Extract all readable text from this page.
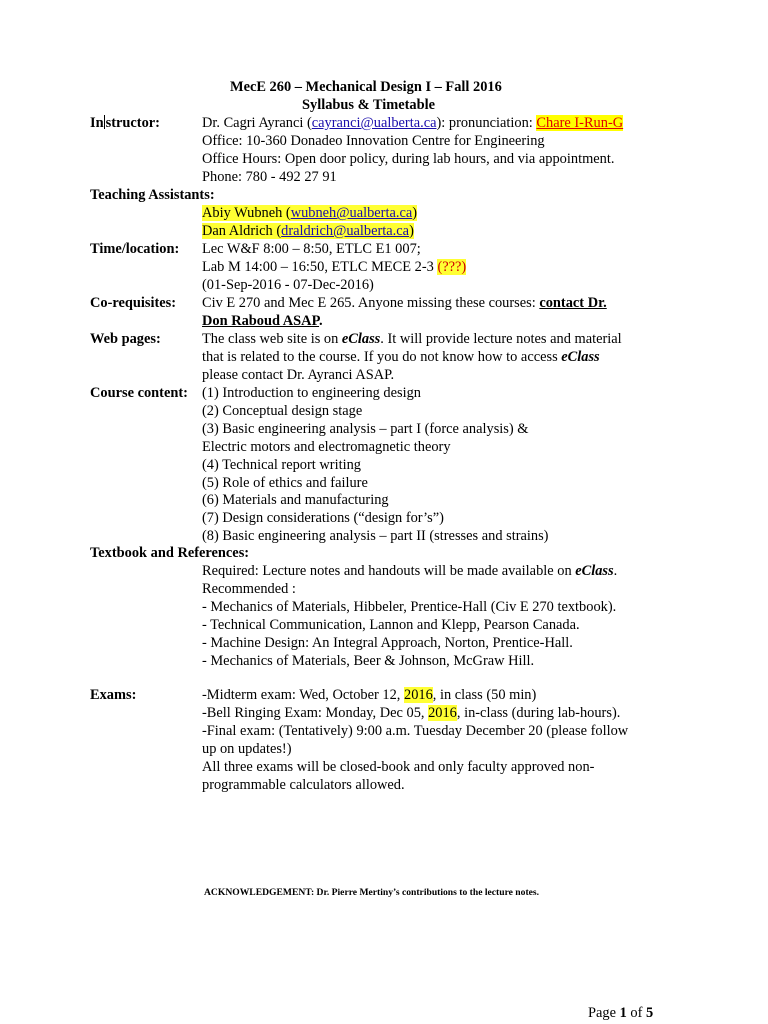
MecE 260 – Mechanical Design I – Fall 2016
Syllabus & Timetable
In structor:	Dr. Cagri Ayranci (cayranci@ualberta.ca): pronunciation: Chare I-Run-G
Office: 10-360 Donadeo Innovation Centre for Engineering
Office Hours: Open door policy, during lab hours, and via appointment.
Phone: 780 - 492 27 91
Teaching Assistants:
Abiy Wubneh (wubneh@ualberta.ca)
Dan Aldrich (draldrich@ualberta.ca)
Time/location: Lec W&F 8:00 – 8:50, ETLC E1 007;
Lab M 14:00 – 16:50, ETLC MECE 2-3 (???)
(01-Sep-2016 - 07-Dec-2016)
Co-requisites: Civ E 270 and Mec E 265. Anyone missing these courses: contact Dr.
Don Raboud ASAP.
Web pages:	The class web site is on eClass. It will provide lecture notes and material
that is related to the course. If you do not know how to access eClass
please contact Dr. Ayranci ASAP.
Course content: (1) Introduction to engineering design
(2) Conceptual design stage
(3) Basic engineering analysis – part I (force analysis) &
Electric motors and electromagnetic theory
(4) Technical report writing
(5) Role of ethics and failure
(6) Materials and manufacturing
(7) Design considerations (“design for’s”)
(8) Basic engineering analysis – part II (stresses and strains)
Textbook and References:
Required: Lecture notes and handouts will be made available on eClass.
Recommended :
- Mechanics of Materials, Hibbeler, Prentice-Hall (Civ E 270 textbook).
- Technical Communication, Lannon and Klepp, Pearson Canada.
- Machine Design: An Integral Approach, Norton, Prentice-Hall.
- Mechanics of Materials, Beer & Johnson, McGraw Hill.
Exams:	-Midterm exam: Wed, October 12, 2016, in class (50 min)
-Bell Ringing Exam: Monday, Dec 05, 2016, in-class (during lab-hours).
-Final exam: (Tentatively) 9:00 a.m. Tuesday December 20 (please follow
up on updates!)
All three exams will be closed-book and only faculty approved non-
programmable calculators allowed.
ACKNOWLEDGEMENT: Dr. Pierre Mertiny’s contributions to the lecture notes.
Page 1 of 5
